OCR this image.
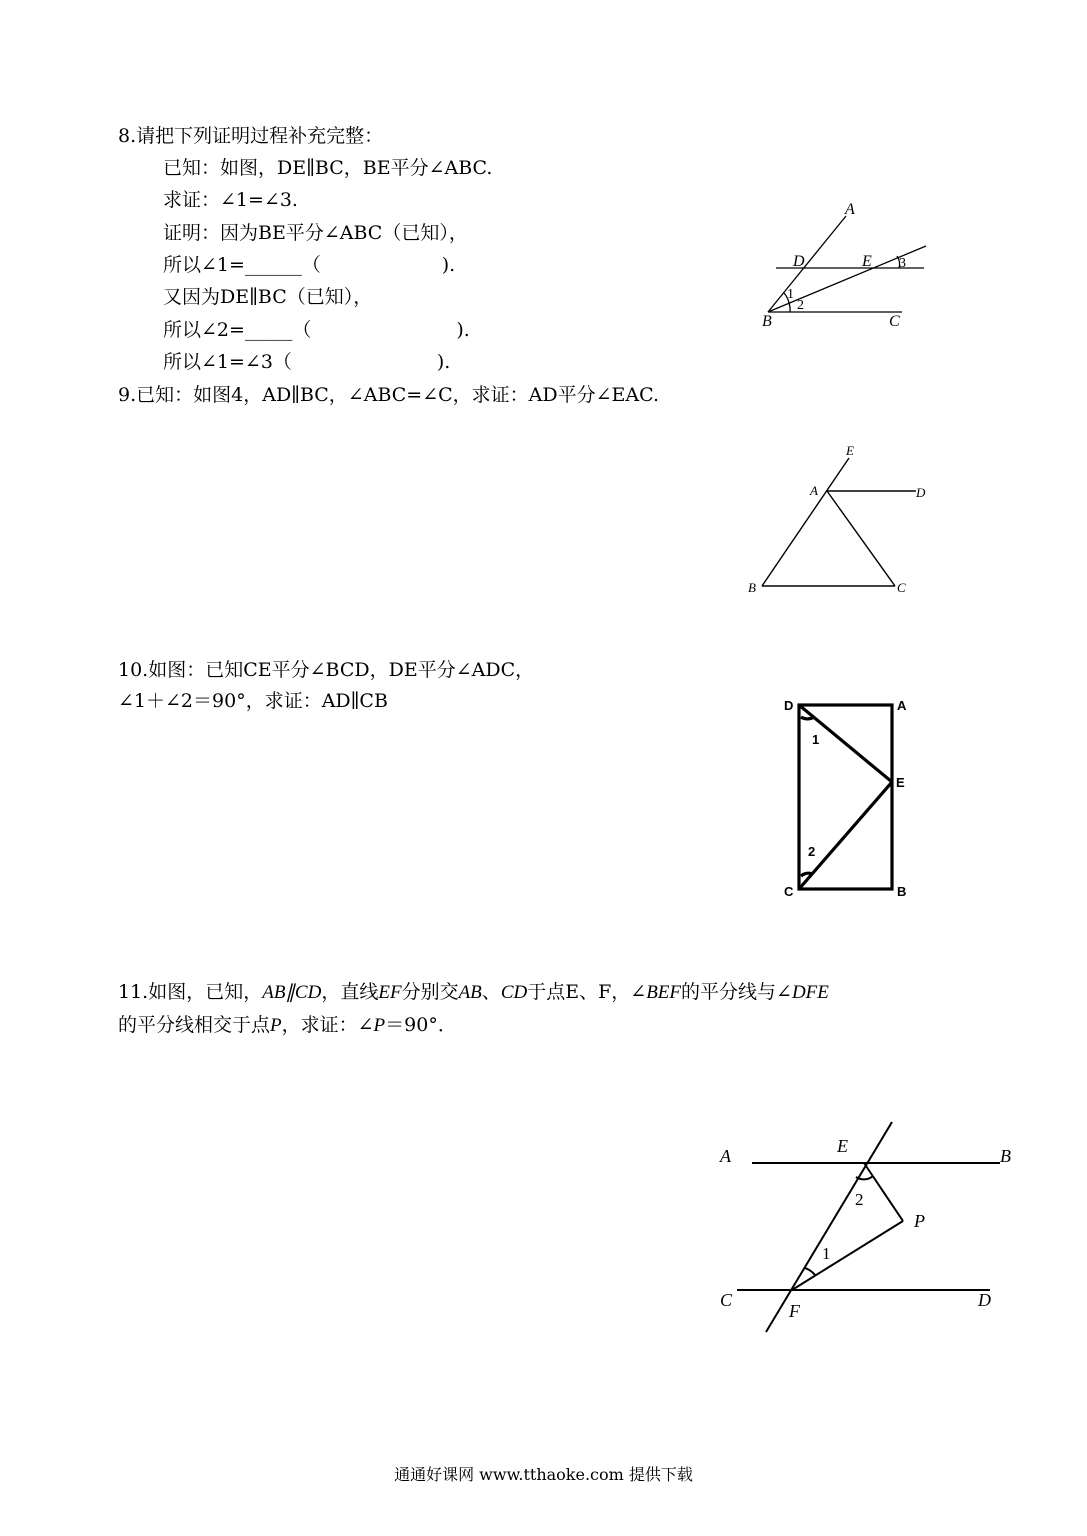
8.请把下列证明过程补充完整：
已知：如图，DE∥BC，BE平分∠ABC.
求证：∠1=∠3.
证明：因为BE平分∠ABC（已知），
所以∠1=______（                    ).
又因为DE∥BC（已知），
所以∠2=_____（                        ).
所以∠1=∠3（                        ).
A
D	E 3
1
2
B	C
9.已知：如图4，AD∥BC，∠ABC=∠C，求证：AD平分∠EAC.
E
A	D
B	C
10.如图：已知CE平分∠BCD，DE平分∠ADC，
∠1＋∠2＝90°，求证：AD∥CB	D	A
1
E
2
C	B
11.如图，已知，AB∥CD，直线EF分别交AB、CD于点E、F，∠BEF的平分线与∠DFE
的平分线相交于点P，求证：∠P＝90°．
A	E	B
2
P
1
C
F
D
通通好课网 www.tthaoke.com 提供下载
